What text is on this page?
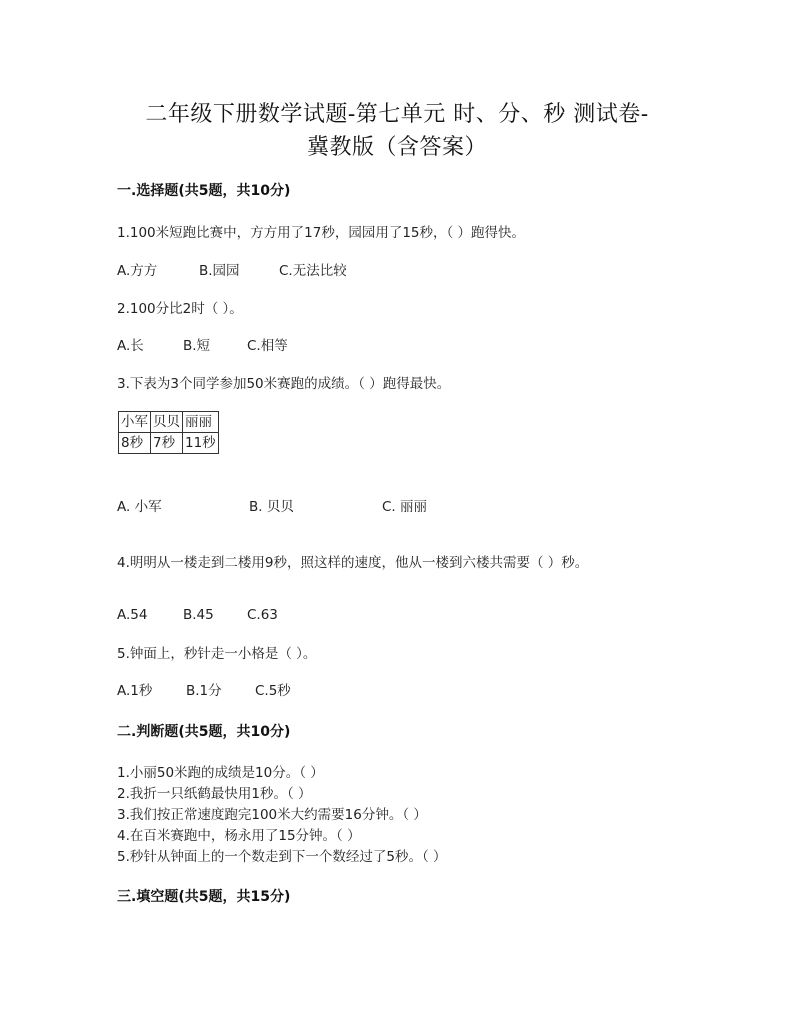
二年级下册数学试题-第七单元 时、分、秒 测试卷-
冀教版（含答案）
一.选择题(共5题，共10分)
1.100米短跑比赛中，方方用了17秒，园园用了15秒，（ ）跑得快。
A.方方	B.园园	C.无法比较
2.100分比2时（ ）。
A.长	B.短	C.相等
3.下表为3个同学参加50米赛跑的成绩。（ ）跑得最快。
小军	贝贝	丽丽
8秒	7秒	11秒
A. 小军	B. 贝贝	C. 丽丽
4.明明从一楼走到二楼用9秒，照这样的速度，他从一楼到六楼共需要（ ）秒。
A.54	B.45 C.63
5.钟面上，秒针走一小格是（ ）。
A.1秒 B.1分 C.5秒
二.判断题(共5题，共10分)
1.小丽50米跑的成绩是10分。（ ）
2.我折一只纸鹤最快用1秒。（ ）
3.我们按正常速度跑完100米大约需要16分钟。（ ）
4.在百米赛跑中，杨永用了15分钟。（ ）
5.秒针从钟面上的一个数走到下一个数经过了5秒。（ ）
三.填空题(共5题，共15分)
